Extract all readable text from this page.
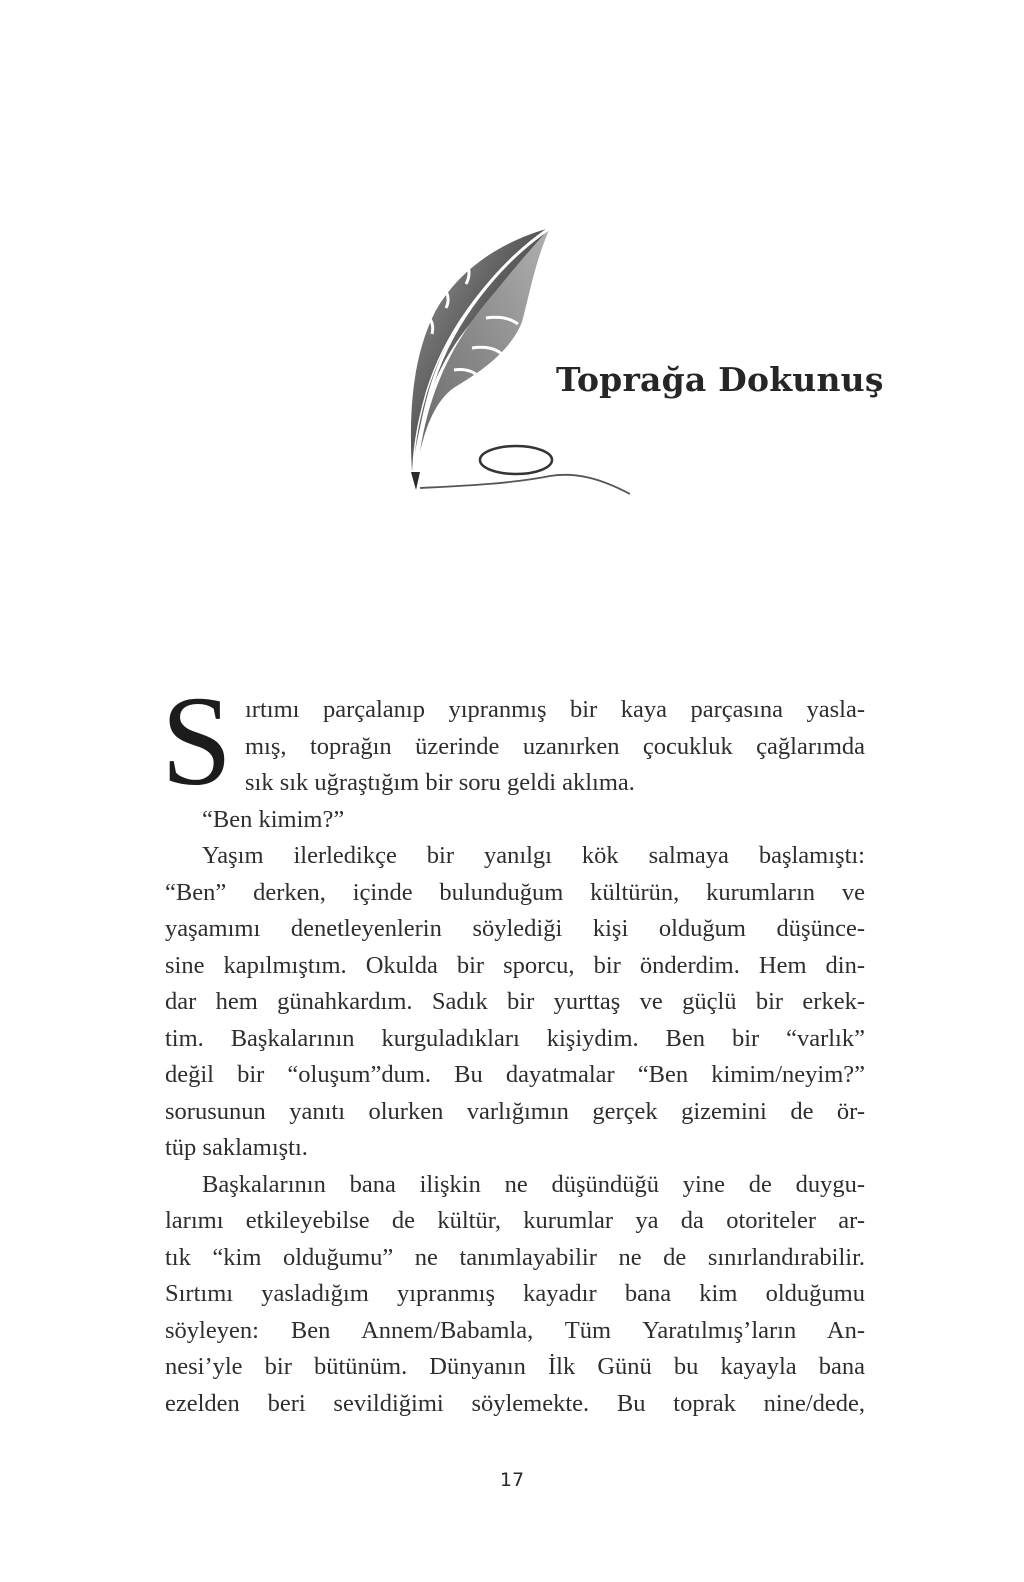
Toprağa Dokunuş
S ırtımı parçalanıp yıpranmış bir kaya parçasına yasla-
mış, toprağın üzerinde uzanırken çocukluk çağlarımda
sık sık uğraştığım bir soru geldi aklıma.
“Ben kimim?”
Yaşım ilerledikçe bir yanılgı kök salmaya başlamıştı:
“Ben” derken, içinde bulunduğum kültürün, kurumların ve
yaşamımı denetleyenlerin söylediği kişi olduğum düşünce-
sine kapılmıştım. Okulda bir sporcu, bir önderdim. Hem din-
dar hem günahkardım. Sadık bir yurttaş ve güçlü bir erkek-
tim. Başkalarının kurguladıkları kişiydim. Ben bir “varlık”
değil bir “oluşum”dum. Bu dayatmalar “Ben kimim/neyim?”
sorusunun yanıtı olurken varlığımın gerçek gizemini de ör-
tüp saklamıştı.
Başkalarının bana ilişkin ne düşündüğü yine de duygu-
larımı etkileyebilse de kültür, kurumlar ya da otoriteler ar-
tık “kim olduğumu” ne tanımlayabilir ne de sınırlandırabilir.
Sırtımı yasladığım yıpranmış kayadır bana kim olduğumu
söyleyen: Ben Annem/Babamla, Tüm Yaratılmış’ların An-
nesi’yle bir bütünüm. Dünyanın İlk Günü bu kayayla bana
ezelden beri sevildiğimi söylemekte. Bu toprak nine/dede,
17
